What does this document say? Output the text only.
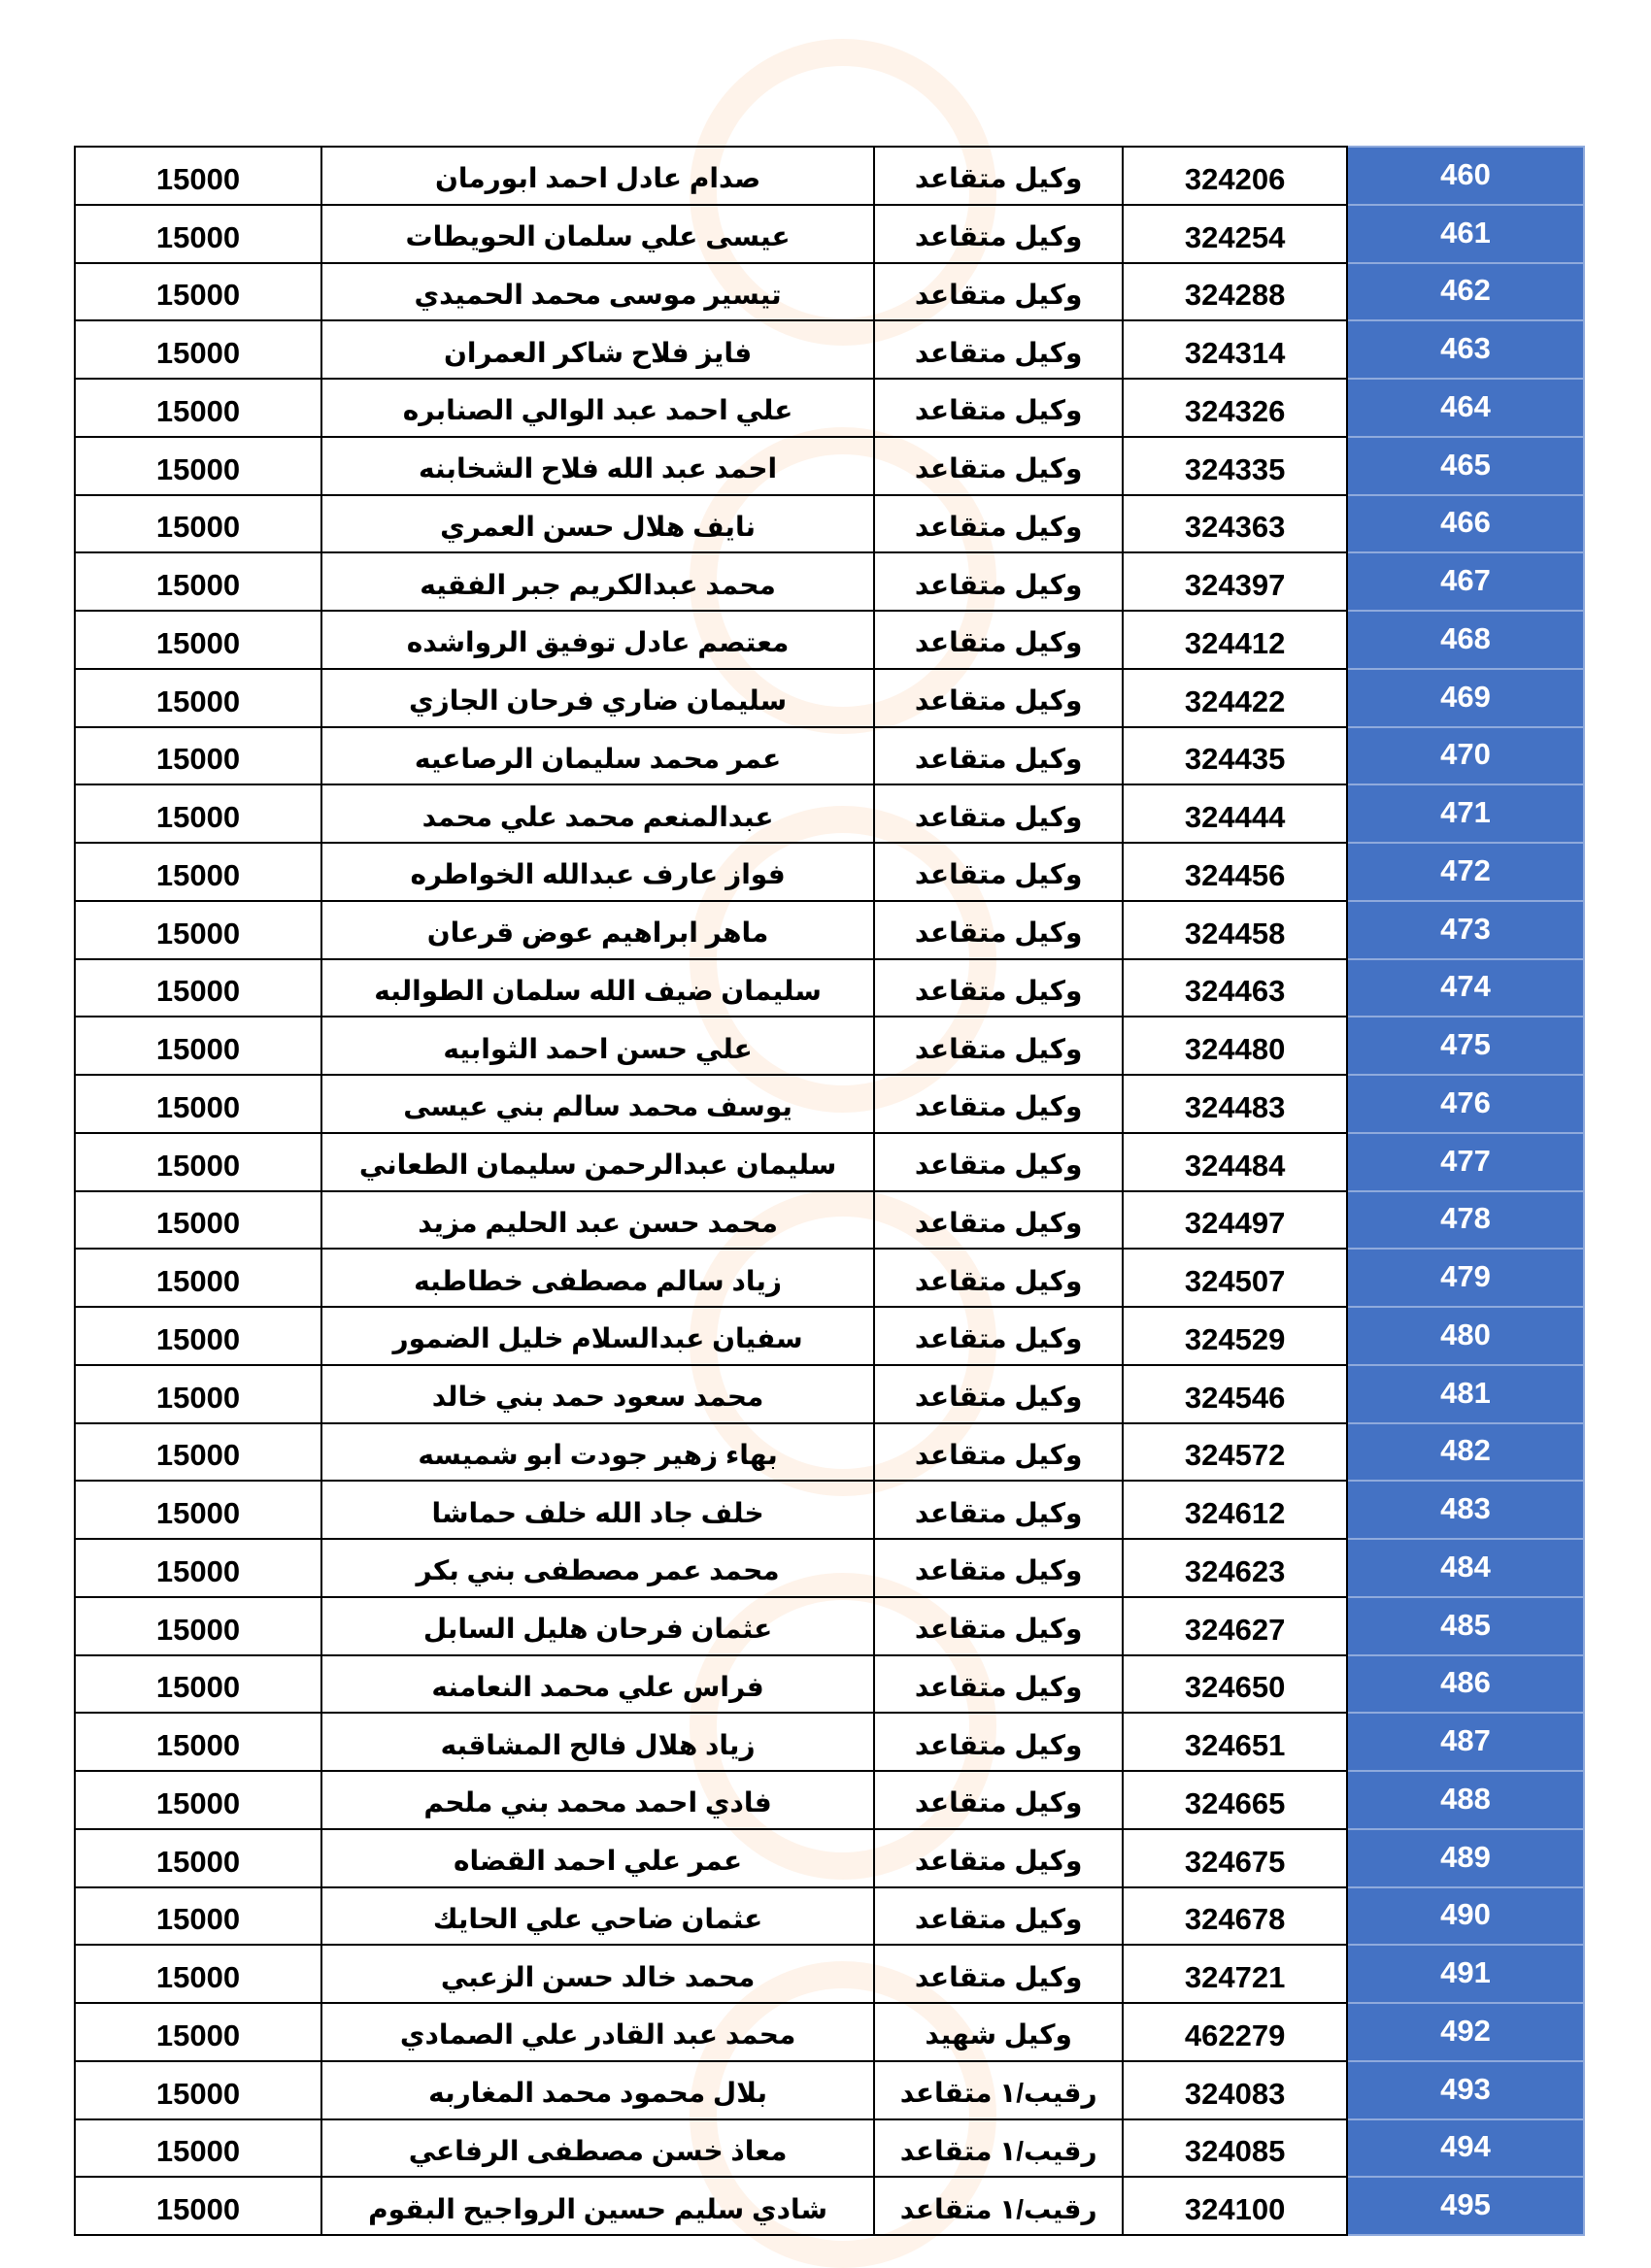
15000	صدام عادل احمد ابورمان	وكيل متقاعد	324206	460
15000	عيسى علي سلمان الحويطات	وكيل متقاعد	324254	461
15000	تيسير موسى محمد الحميدي	وكيل متقاعد	324288	462
15000	فايز فلاح شاكر العمران	وكيل متقاعد	324314	463
15000	علي احمد عبد الوالي الصنابره	وكيل متقاعد	324326	464
15000	احمد عبد الله فلاح الشخابنه	وكيل متقاعد	324335	465
15000	نايف هلال حسن العمري	وكيل متقاعد	324363	466
15000	محمد عبدالكريم جبر الفقيه	وكيل متقاعد	324397	467
15000	معتصم عادل توفيق الرواشده	وكيل متقاعد	324412	468
15000	سليمان ضاري فرحان الجازي	وكيل متقاعد	324422	469
15000	عمر محمد سليمان الرصاعيه	وكيل متقاعد	324435	470
15000	عبدالمنعم محمد علي محمد	وكيل متقاعد	324444	471
15000	فواز عارف عبدالله الخواطره	وكيل متقاعد	324456	472
15000	ماهر ابراهيم عوض قرعان	وكيل متقاعد	324458	473
15000	سليمان ضيف الله سلمان الطوالبه	وكيل متقاعد	324463	474
15000	علي حسن احمد الثوابيه	وكيل متقاعد	324480	475
15000	يوسف محمد سالم بني عيسى	وكيل متقاعد	324483	476
15000	سليمان عبدالرحمن سليمان الطعاني	وكيل متقاعد	324484	477
15000	محمد حسن عبد الحليم مزيد	وكيل متقاعد	324497	478
15000	زياد سالم مصطفى خطاطبه	وكيل متقاعد	324507	479
15000	سفيان عبدالسلام خليل الضمور	وكيل متقاعد	324529	480
15000	محمد سعود حمد بني خالد	وكيل متقاعد	324546	481
15000	بهاء زهير جودت ابو شميسه	وكيل متقاعد	324572	482
15000	خلف جاد الله خلف حماشا	وكيل متقاعد	324612	483
15000	محمد عمر مصطفى بني بكر	وكيل متقاعد	324623	484
15000	عثمان فرحان هليل السابل	وكيل متقاعد	324627	485
15000	فراس علي محمد النعامنه	وكيل متقاعد	324650	486
15000	زياد هلال فالح المشاقبه	وكيل متقاعد	324651	487
15000	فادي احمد محمد بني ملحم	وكيل متقاعد	324665	488
15000	عمر علي احمد القضاه	وكيل متقاعد	324675	489
15000	عثمان ضاحي علي الحايك	وكيل متقاعد	324678	490
15000	محمد خالد حسن الزعبي	وكيل متقاعد	324721	491
15000	محمد عبد القادر علي الصمادي	وكيل شهيد	462279	492
15000	بلال محمود محمد المغاربه	رقيب/١ متقاعد	324083	493
15000	معاذ خسن مصطفى الرفاعي	رقيب/١ متقاعد	324085	494
15000	شادي سليم حسين الرواجيح البقوم	رقيب/١ متقاعد	324100	495
